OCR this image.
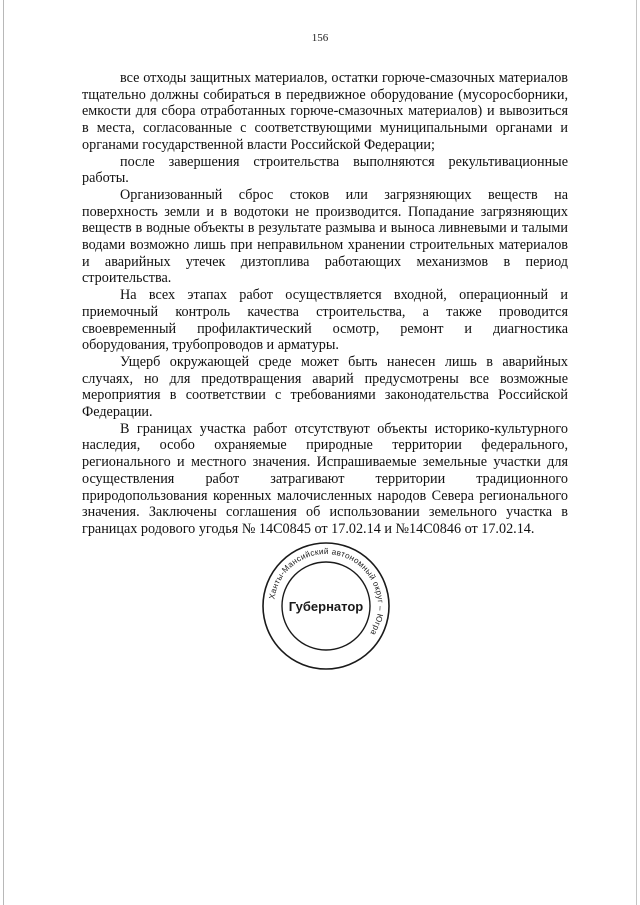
156

все отходы защитных материалов, остатки горюче-смазочных материалов тщательно должны собираться в передвижное оборудование (мусоросборники, емкости для сбора отработанных горюче-смазочных материалов) и вывозиться в места, согласованные с соответствующими муниципальными органами и органами государственной власти Российской Федерации;

после завершения строительства выполняются рекультивационные работы.

Организованный сброс стоков или загрязняющих веществ на поверхность земли и в водотоки не производится. Попадание загрязняющих веществ в водные объекты в результате размыва и выноса ливневыми и талыми водами возможно лишь при неправильном хранении строительных материалов и аварийных утечек дизтоплива работающих механизмов в период строительства.

На всех этапах работ осуществляется входной, операционный и приемочный контроль качества строительства, а также проводится своевременный профилактический осмотр, ремонт и диагностика оборудования, трубопроводов и арматуры.

Ущерб окружающей среде может быть нанесен лишь в аварийных случаях, но для предотвращения аварий предусмотрены все возможные мероприятия в соответствии с требованиями законодательства Российской Федерации.

В границах участка работ отсутствуют объекты историко-культурного наследия, особо охраняемые природные территории федерального, регионального и местного значения. Испрашиваемые земельные участки для осуществления работ затрагивают территории традиционного природопользования коренных малочисленных народов Севера регионального значения. Заключены соглашения об использовании земельного участка в границах родового угодья № 14С0845 от 17.02.14 и №14С0846 от 17.02.14.

Ханты-Мансийский автономный округ – Югра
Губернатор
